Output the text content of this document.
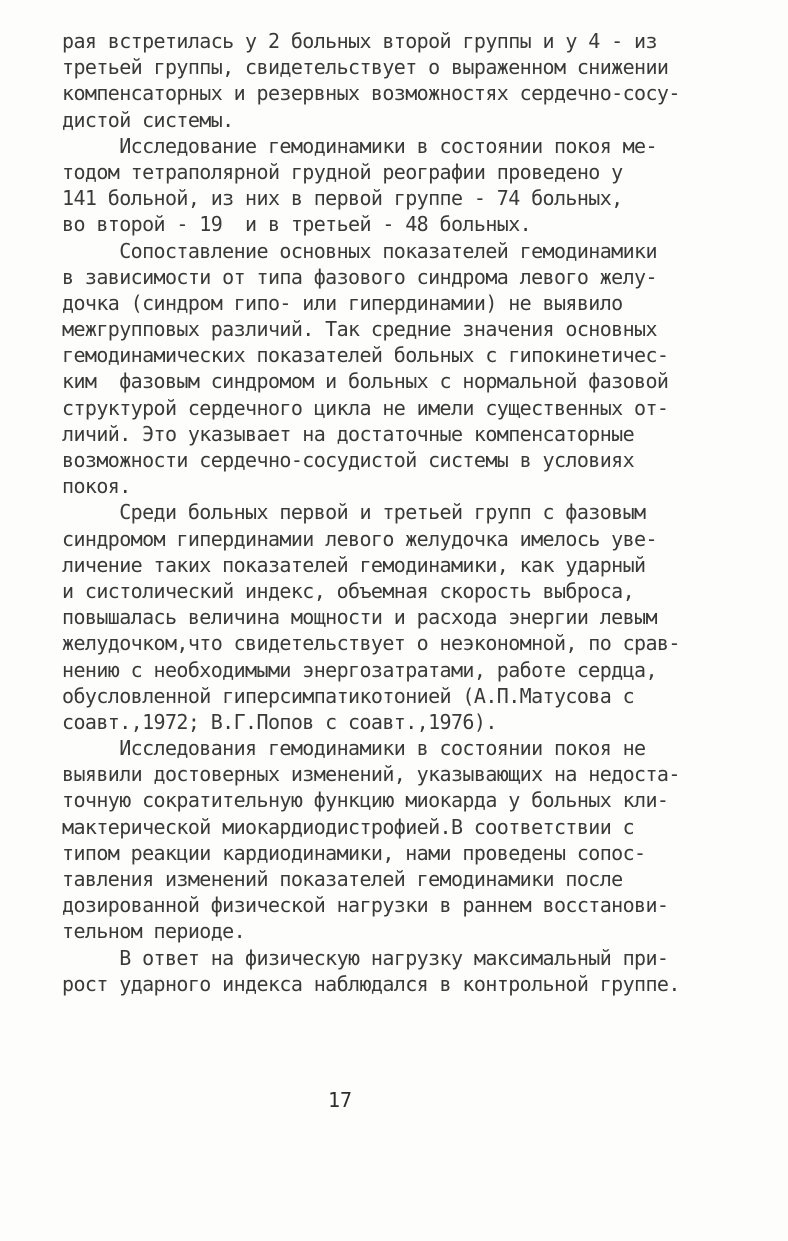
рая встретилась у 2 больных второй группы и у 4 - из
третьей группы, свидетельствует о выраженном снижении
компенсаторных и резервных возможностях сердечно-сосу-
дистой системы.
Исследование гемодинамики в состоянии покоя ме-
тодом тетраполярной грудной реографии проведено у
141 больной, из них в первой группе - 74 больных,
во второй - 19  и в третьей - 48 больных.
Сопоставление основных показателей гемодинамики
в зависимости от типа фазового синдрома левого желу-
дочка (синдром гипо- или гипердинамии) не выявило
межгрупповых различий. Так средние значения основных
гемодинамических показателей больных с гипокинетичес-
ким  фазовым синдромом и больных с нормальной фазовой
структурой сердечного цикла не имели существенных от-
личий. Это указывает на достаточные компенсаторные
возможности сердечно-сосудистой системы в условиях
покоя.
Среди больных первой и третьей групп с фазовым
синдромом гипердинамии левого желудочка имелось уве-
личение таких показателей гемодинамики, как ударный
и систолический индекс, объемная скорость выброса,
повышалась величина мощности и расхода энергии левым
желудочком,что свидетельствует о неэкономной, по срав-
нению с необходимыми энергозатратами, работе сердца,
обусловленной гиперсимпатикотонией (А.П.Матусова с
соавт.,1972; В.Г.Попов с соавт.,1976).
Исследования гемодинамики в состоянии покоя не
выявили достоверных изменений, указывающих на недоста-
точную сократительную функцию миокарда у больных кли-
мактерической миокардиодистрофией.В соответствии с
типом реакции кардиодинамики, нами проведены сопос-
тавления изменений показателей гемодинамики после
дозированной физической нагрузки в раннем восстанови-
тельном периоде.
В ответ на физическую нагрузку максимальный при-
рост ударного индекса наблюдался в контрольной группе.
17
